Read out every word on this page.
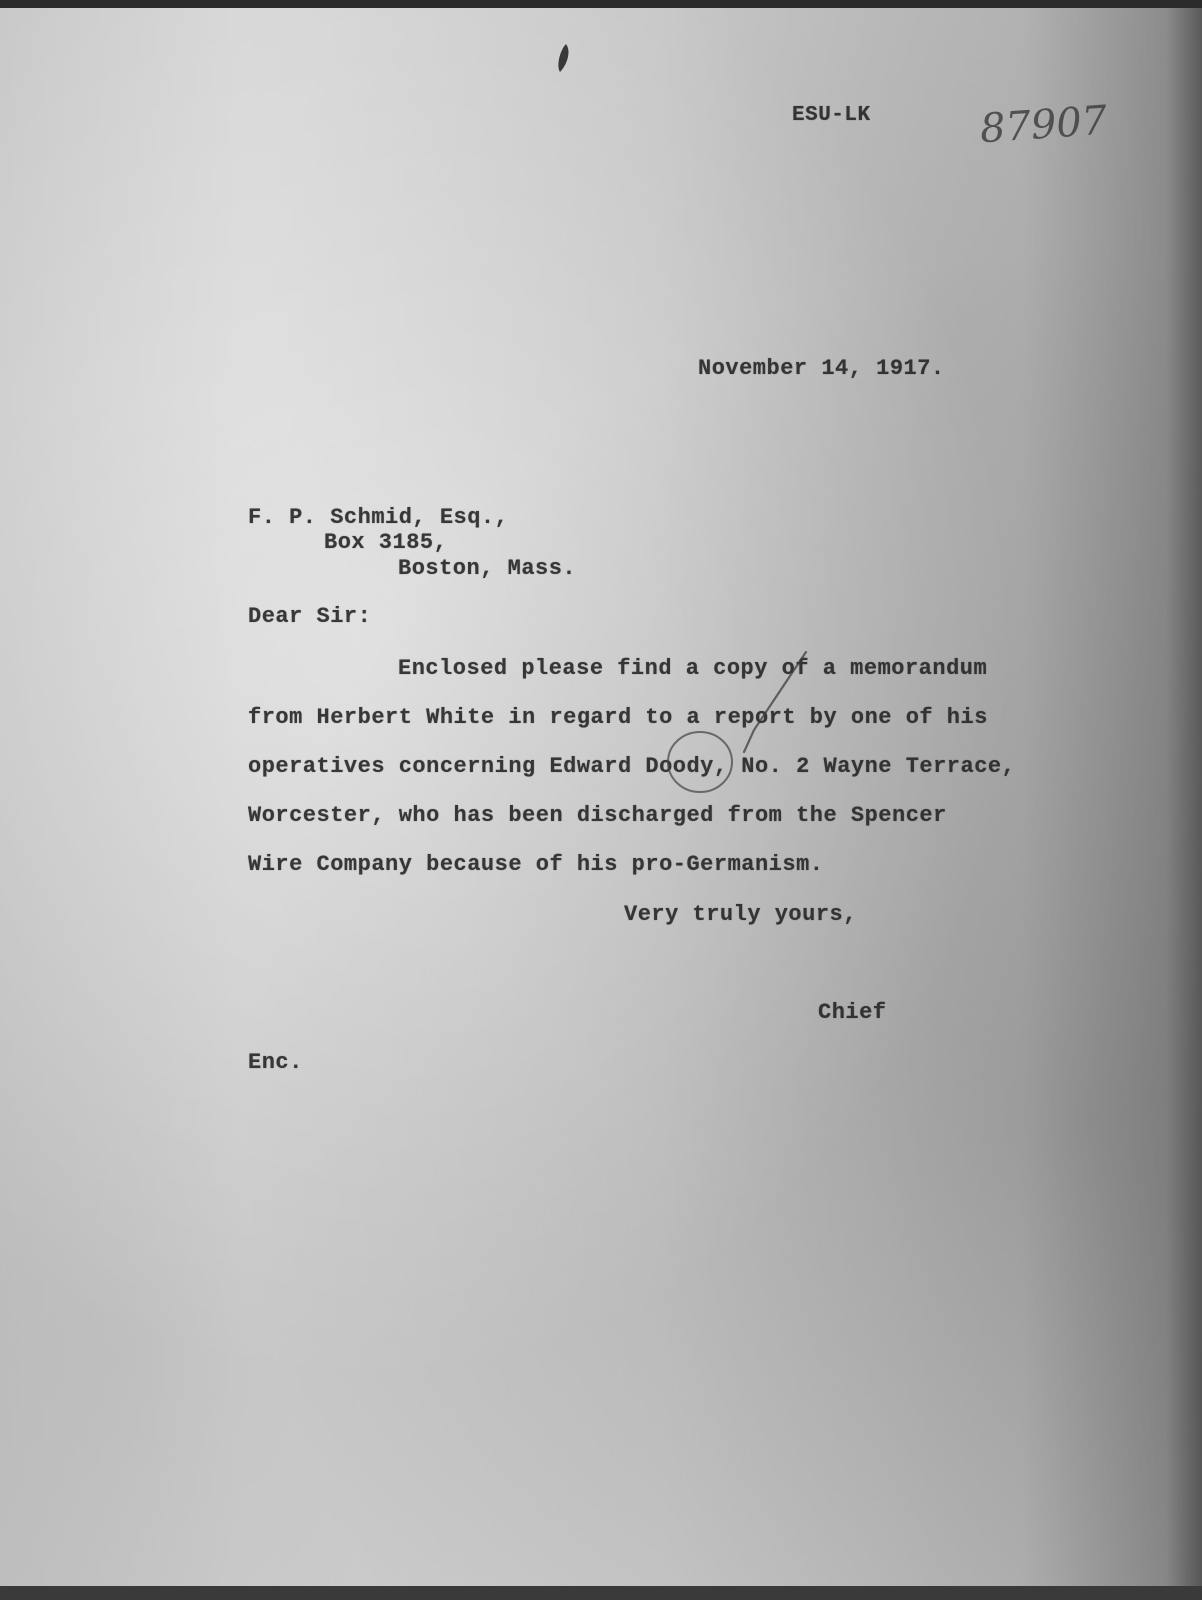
ESU-LK	87907
November 14, 1917.
F. P. Schmid, Esq.,
Box 3185,
Boston, Mass.
Dear Sir:
Enclosed please find a copy of a memorandum
from Herbert White in regard to a report by one of his
operatives concerning Edward Doody, No. 2 Wayne Terrace,
Worcester, who has been discharged from the Spencer
Wire Company because of his pro-Germanism.
Very truly yours,
Chief
Enc.
